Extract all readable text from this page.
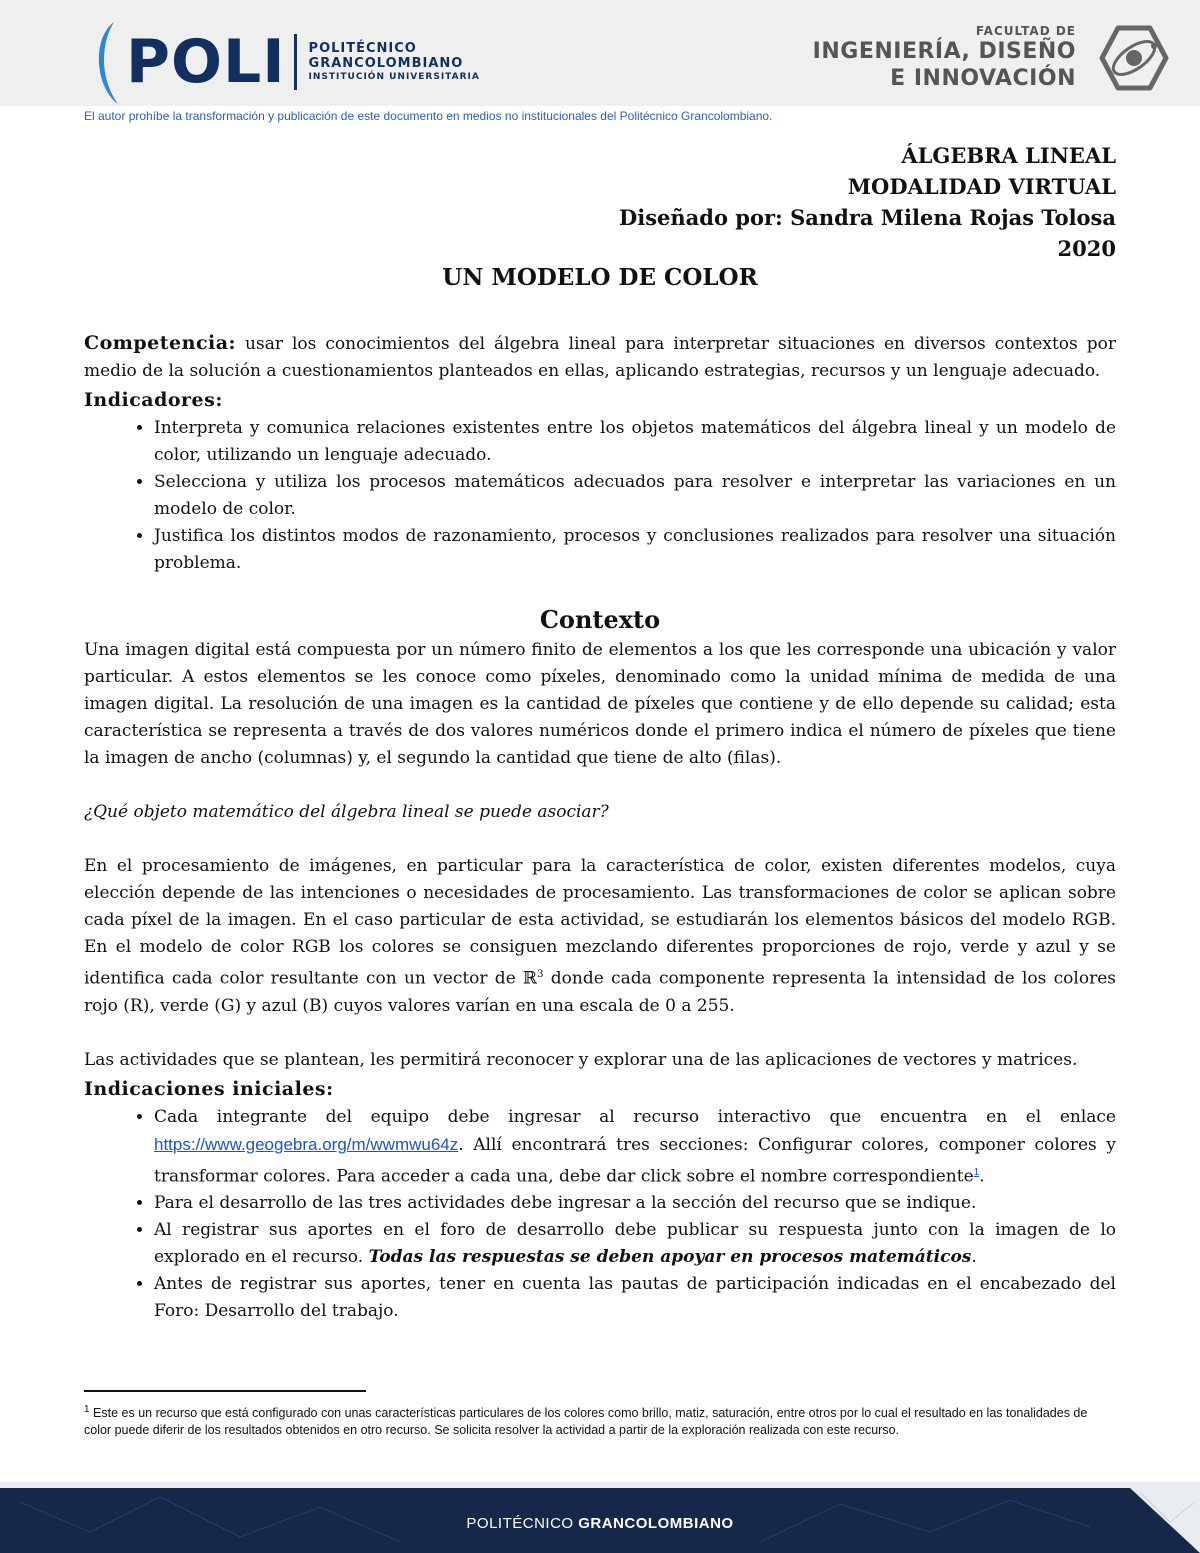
POLI POLITÉCNICO
GRANCOLOMBIANO
INSTITUCIÓN UNIVERSITARIA
FACULTAD DE
INGENIERÍA, DISEÑO
E INNOVACIÓN
El autor prohíbe la transformación y publicación de este documento en medios no institucionales del Politécnico Grancolombiano.
ÁLGEBRA LINEAL
MODALIDAD VIRTUAL
Diseñado por: Sandra Milena Rojas Tolosa
2020
UN MODELO DE COLOR

Competencia: usar los conocimientos del álgebra lineal para interpretar situaciones en diversos contextos por medio de la solución a cuestionamientos planteados en ellas, aplicando estrategias, recursos y un lenguaje adecuado.

Indicadores:
• Interpreta y comunica relaciones existentes entre los objetos matemáticos del álgebra lineal y un modelo de color, utilizando un lenguaje adecuado.
• Selecciona y utiliza los procesos matemáticos adecuados para resolver e interpretar las variaciones en un modelo de color.
• Justifica los distintos modos de razonamiento, procesos y conclusiones realizados para resolver una situación problema.
Contexto

Una imagen digital está compuesta por un número finito de elementos a los que les corresponde una ubicación y valor particular. A estos elementos se les conoce como píxeles, denominado como la unidad mínima de medida de una imagen digital. La resolución de una imagen es la cantidad de píxeles que contiene y de ello depende su calidad; esta característica se representa a través de dos valores numéricos donde el primero indica el número de píxeles que tiene la imagen de ancho (columnas) y, el segundo la cantidad que tiene de alto (filas).

¿Qué objeto matemático del álgebra lineal se puede asociar?

En el procesamiento de imágenes, en particular para la característica de color, existen diferentes modelos, cuya elección depende de las intenciones o necesidades de procesamiento. Las transformaciones de color se aplican sobre cada píxel de la imagen. En el caso particular de esta actividad, se estudiarán los elementos básicos del modelo RGB. En el modelo de color RGB los colores se consiguen mezclando diferentes proporciones de rojo, verde y azul y se identifica cada color resultante con un vector de ℝ$^3$ donde cada componente representa la intensidad de los colores rojo (R), verde (G) y azul (B) cuyos valores varían en una escala de 0 a 255.

Las actividades que se plantean, les permitirá reconocer y explorar una de las aplicaciones de vectores y matrices.

Indicaciones iniciales:
• Cada integrante del equipo debe ingresar al recurso interactivo que encuentra en el enlace https://www.geogebra.org/m/wwmwu64z. Allí encontrará tres secciones: Configurar colores, componer colores y transformar colores. Para acceder a cada una, debe dar click sobre el nombre correspondiente$^1$.
• Para el desarrollo de las tres actividades debe ingresar a la sección del recurso que se indique.
• Al registrar sus aportes en el foro de desarrollo debe publicar su respuesta junto con la imagen de lo explorado en el recurso. Todas las respuestas se deben apoyar en procesos matemáticos.
• Antes de registrar sus aportes, tener en cuenta las pautas de participación indicadas en el encabezado del Foro: Desarrollo del trabajo.
$^1$ Este es un recurso que está configurado con unas características particulares de los colores como brillo, matiz, saturación, entre otros por lo cual el resultado en las tonalidades de color puede diferir de los resultados obtenidos en otro recurso. Se solicita resolver la actividad a partir de la exploración realizada con este recurso.
POLITÉCNICO GRANCOLOMBIANO
